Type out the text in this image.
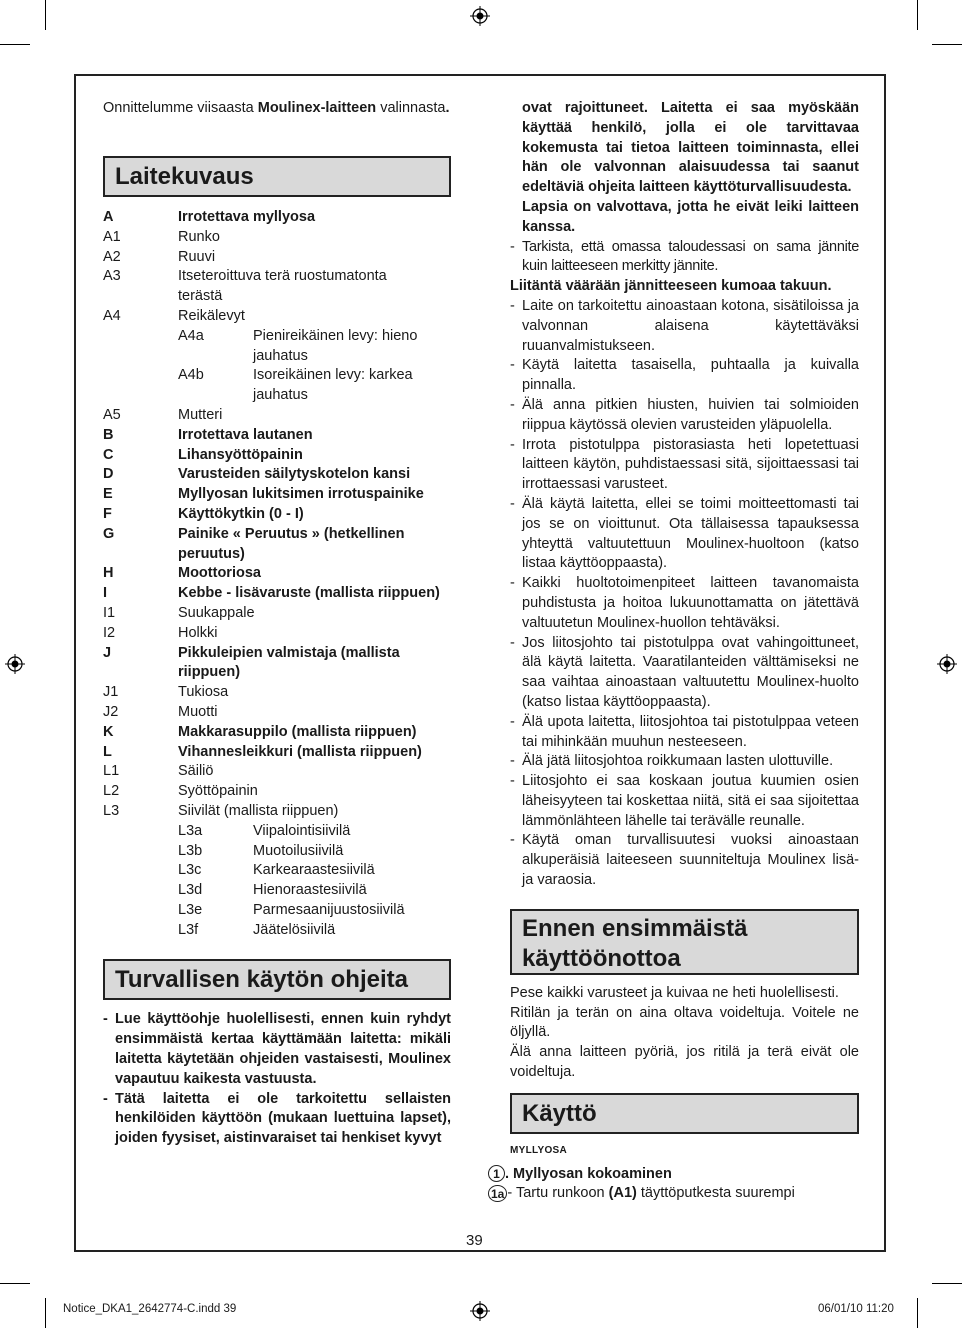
Onnittelumme viisaasta Moulinex-laitteen valinnasta.
Laitekuvaus
A	Irrotettava myllyosa
A1	Runko
A2	Ruuvi
A3	Itseteroittuva terä ruostumatonta terästä
A4	Reikälevyt
A4a	Pienireikäinen levy: hieno jauhatus
A4b	Isoreikäinen levy: karkea jauhatus
A5	Mutteri
B	Irrotettava lautanen
C	Lihansyöttöpainin
D	Varusteiden säilytyskotelon kansi
E	Myllyosan lukitsimen irrotuspainike
F	Käyttökytkin (0 - I)
G	Painike « Peruutus » (hetkellinen peruutus)
H	Moottoriosa
I	Kebbe - lisävaruste (mallista riippuen)
I1	Suukappale
I2	Holkki
J	Pikkuleipien valmistaja (mallista riippuen)
J1	Tukiosa
J2	Muotti
K	Makkarasuppilo (mallista riippuen)
L	Vihannesleikkuri (mallista riippuen)
L1	Säiliö
L2	Syöttöpainin
L3	Siivilät (mallista riippuen)
L3a	Viipalointisiivilä
L3b	Muotoilusiivilä
L3c	Karkearaastesiivilä
L3d	Hienoraastesiivilä
L3e	Parmesaanijuustosiivilä
L3f	Jäätelösiivilä
Turvallisen käytön ohjeita
- Lue käyttöohje huolellisesti, ennen kuin ryhdyt ensimmäistä kertaa käyttämään laitetta: mikäli laitetta käytetään ohjeiden vastaisesti, Moulinex vapautuu kaikesta vastuusta.
- Tätä laitetta ei ole tarkoitettu sellaisten henkilöiden käyttöön (mukaan luettuina lapset), joiden fyysiset, aistinvaraiset tai henkiset kyvyt
ovat rajoittuneet. Laitetta ei saa myöskään käyttää henkilö, jolla ei ole tarvittavaa kokemusta tai tietoa laitteen toiminnasta, ellei hän ole valvonnan alaisuudessa tai saanut edeltäviä ohjeita laitteen käyttöturvallisuudesta.
Lapsia on valvottava, jotta he eivät leiki laitteen kanssa.
- Tarkista, että omassa taloudessasi on sama jännite kuin laitteeseen merkitty jännite.
Liitäntä väärään jännitteeseen kumoaa takuun.
- Laite on tarkoitettu ainoastaan kotona, sisätiloissa ja valvonnan alaisena käytettäväksi ruuanvalmistukseen.
- Käytä laitetta tasaisella, puhtaalla ja kuivalla pinnalla.
- Älä anna pitkien hiusten, huivien tai solmioiden riippua käytössä olevien varusteiden yläpuolella.
- Irrota pistotulppa pistorasiasta heti lopetettuasi laitteen käytön, puhdistaessasi sitä, sijoittaessasi tai irrottaessasi varusteet.
- Älä käytä laitetta, ellei se toimi moitteettomasti tai jos se on vioittunut. Ota tällaisessa tapauksessa yhteyttä valtuutettuun Moulinex-huoltoon (katso listaa käyttöoppaasta).
- Kaikki huoltotoimenpiteet laitteen tavanomaista puhdistusta ja hoitoa lukuunottamatta on jätettävä valtuutetun Moulinex-huollon tehtäväksi.
- Jos liitosjohto tai pistotulppa ovat vahingoittuneet, älä käytä laitetta. Vaaratilanteiden välttämiseksi ne saa vaihtaa ainoastaan valtuutettu Moulinex-huolto (katso listaa käyttöoppaasta).
- Älä upota laitetta, liitosjohtoa tai pistotulppaa veteen tai mihinkään muuhun nesteeseen.
- Älä jätä liitosjohtoa roikkumaan lasten ulottuville.
- Liitosjohto ei saa koskaan joutua kuumien osien läheisyyteen tai koskettaa niitä, sitä ei saa sijoitettaa lämmönlähteen lähelle tai terävälle reunalle.
- Käytä oman turvallisuutesi vuoksi ainoastaan alkuperäisiä laiteeseen suunniteltuja Moulinex lisä- ja varaosia.
Ennen ensimmäistä käyttöönottoa
Pese kaikki varusteet ja kuivaa ne heti huolellisesti.
Ritilän ja terän on aina oltava voideltuja. Voitele ne öljyllä.
Älä anna laitteen pyöriä, jos ritilä ja terä eivät ole voideltuja.
Käyttö
MYLLYOSA
1 . Myllyosan kokoaminen
1a - Tartu runkoon (A1) täyttöputkesta suurempi
39
Notice_DKA1_2642774-C.indd 39	06/01/10 11:20
